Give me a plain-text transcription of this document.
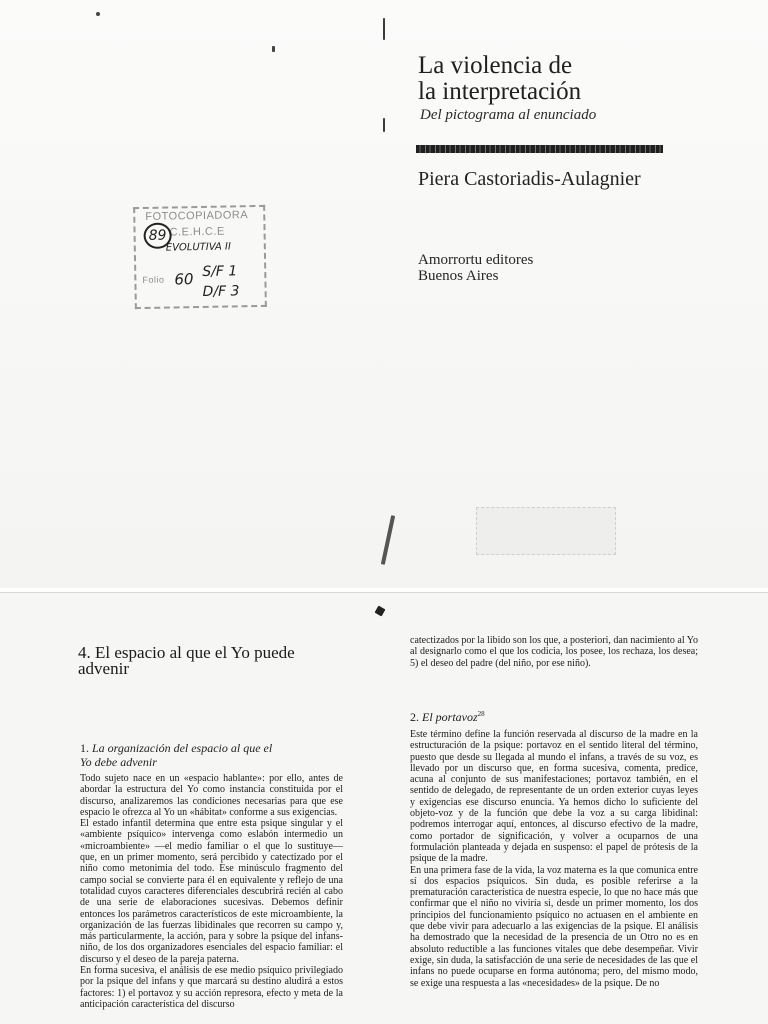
La violencia de
la interpretación
Del pictograma al enunciado
Piera Castoriadis-Aulagnier
Amorrortu editores
Buenos Aires
FOTOCOPIADORA
C.E.H.C.E
Folio
89
EVOLUTIVA II
60 S/F 1
D/F 3
4. El espacio al que el Yo puede advenir
1. La organización del espacio al que el Yo debe advenir

Todo sujeto nace en un «espacio hablante»: por ello, antes de abordar la estructura del Yo como instancia constituida por el discurso, analizaremos las condiciones necesarias para que ese espacio le ofrezca al Yo un «hábitat» conforme a sus exigencias.

El estado infantil determina que entre esta psique singular y el «ambiente psíquico» intervenga como eslabón intermedio un «microambiente» —el medio familiar o el que lo sustituye— que, en un primer momento, será percibido y catectizado por el niño como metonimia del todo. Ese minúsculo fragmento del campo social se convierte para él en equivalente y reflejo de una totalidad cuyos caracteres diferenciales descubrirá recién al cabo de una serie de elaboraciones sucesivas. Debemos definir entonces los parámetros característicos de este microambiente, la organización de las fuerzas libidinales que recorren su campo y, más particularmente, la acción, para y sobre la psique del infans-niño, de los dos organizadores esenciales del espacio familiar: el discurso y el deseo de la pareja paterna.

En forma sucesiva, el análisis de ese medio psíquico privilegiado por la psique del infans y que marcará su destino aludirá a estos factores: 1) el portavoz y su acción represora, efecto y meta de la anticipación característica del discurso

catectizados por la libido son los que, a posteriori, dan nacimiento al Yo al designarlo como el que los codicia, los posee, los rechaza, los desea; 5) el deseo del padre (del niño, por ese niño).
2. El portavoz$^{28}$

Este término define la función reservada al discurso de la madre en la estructuración de la psique: portavoz en el sentido literal del término, puesto que desde su llegada al mundo el infans, a través de su voz, es llevado por un discurso que, en forma sucesiva, comenta, predice, acuna al conjunto de sus manifestaciones; portavoz también, en el sentido de delegado, de representante de un orden exterior cuyas leyes y exigencias ese discurso enuncia. Ya hemos dicho lo suficiente del objeto-voz y de la función que debe la voz a su carga libidinal: podremos interrogar aquí, entonces, al discurso efectivo de la madre, como portador de significación, y volver a ocuparnos de una formulación planteada y dejada en suspenso: el papel de prótesis de la psique de la madre.

En una primera fase de la vida, la voz materna es la que comunica entre sí dos espacios psíquicos. Sin duda, es posible referirse a la prematuración característica de nuestra especie, lo que no hace más que confirmar que el niño no viviría si, desde un primer momento, los dos principios del funcionamiento psíquico no actuasen en el ambiente en que debe vivir para adecuarlo a las exigencias de la psique. El análisis ha demostrado que la necesidad de la presencia de un Otro no es en absoluto reductible a las funciones vitales que debe desempeñar. Vivir exige, sin duda, la satisfacción de una serie de necesidades de las que el infans no puede ocuparse en forma autónoma; pero, del mismo modo, se exige una respuesta a las «necesidades» de la psique. De no
